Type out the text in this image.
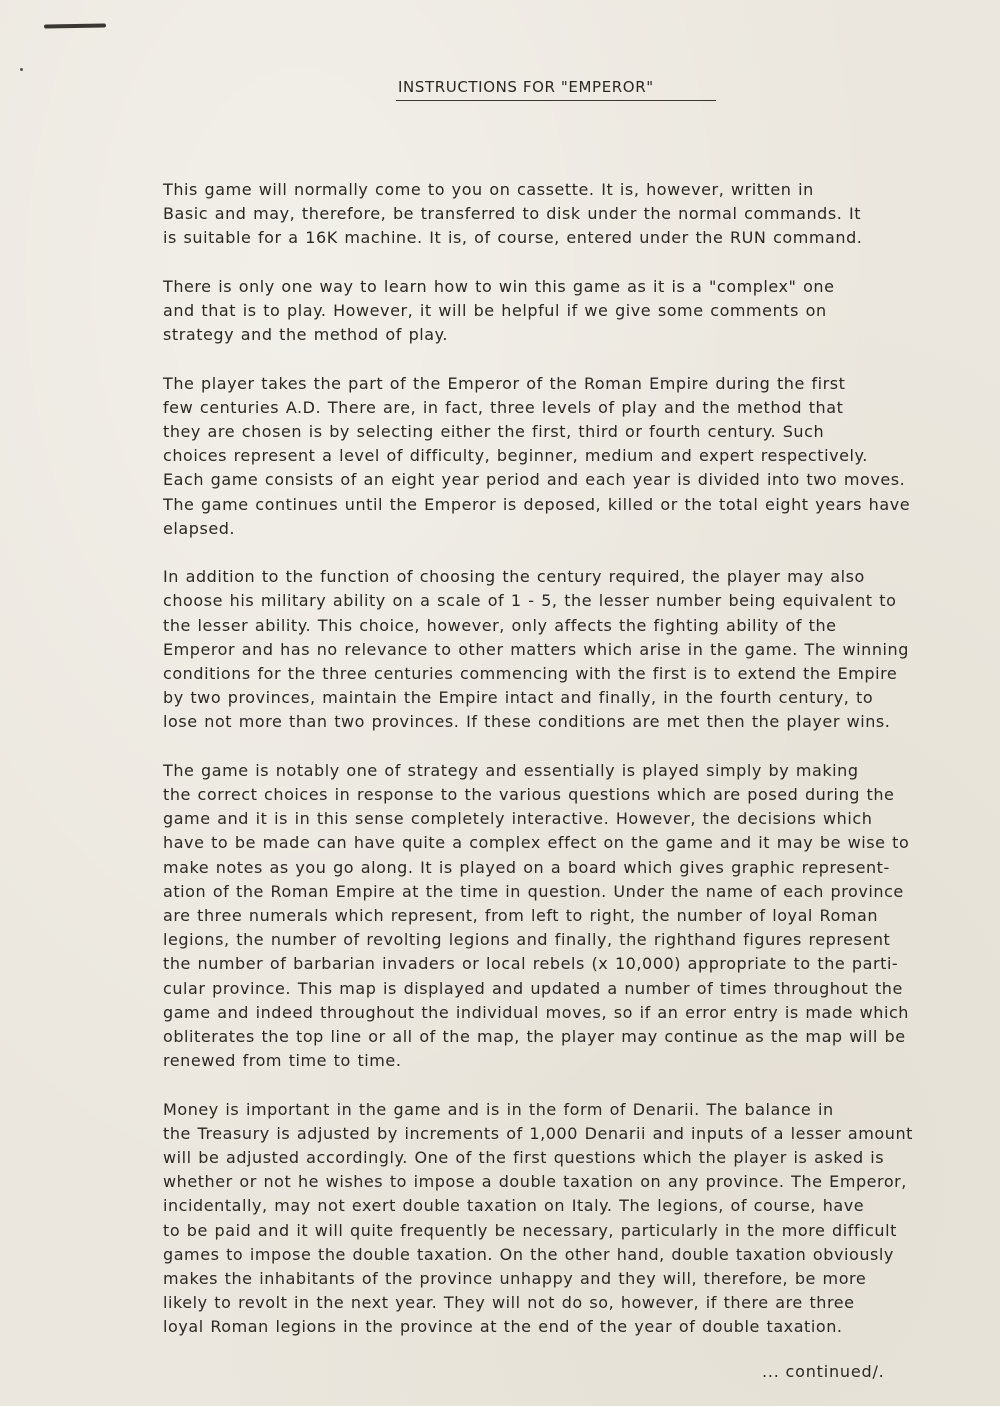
INSTRUCTIONS FOR "EMPEROR"

This game will normally come to you on cassette. It is, however, written in
Basic and may, therefore, be transferred to disk under the normal commands. It
is suitable for a 16K machine. It is, of course, entered under the RUN command.

There is only one way to learn how to win this game as it is a "complex" one
and that is to play. However, it will be helpful if we give some comments on
strategy and the method of play.

The player takes the part of the Emperor of the Roman Empire during the first
few centuries A.D. There are, in fact, three levels of play and the method that
they are chosen is by selecting either the first, third or fourth century. Such
choices represent a level of difficulty, beginner, medium and expert respectively.
Each game consists of an eight year period and each year is divided into two moves.
The game continues until the Emperor is deposed, killed or the total eight years have
elapsed.

In addition to the function of choosing the century required, the player may also
choose his military ability on a scale of 1 - 5, the lesser number being equivalent to
the lesser ability. This choice, however, only affects the fighting ability of the
Emperor and has no relevance to other matters which arise in the game. The winning
conditions for the three centuries commencing with the first is to extend the Empire
by two provinces, maintain the Empire intact and finally, in the fourth century, to
lose not more than two provinces. If these conditions are met then the player wins.

The game is notably one of strategy and essentially is played simply by making
the correct choices in response to the various questions which are posed during the
game and it is in this sense completely interactive. However, the decisions which
have to be made can have quite a complex effect on the game and it may be wise to
make notes as you go along. It is played on a board which gives graphic represent-
ation of the Roman Empire at the time in question. Under the name of each province
are three numerals which represent, from left to right, the number of loyal Roman
legions, the number of revolting legions and finally, the righthand figures represent
the number of barbarian invaders or local rebels (x 10,000) appropriate to the parti-
cular province. This map is displayed and updated a number of times throughout the
game and indeed throughout the individual moves, so if an error entry is made which
obliterates the top line or all of the map, the player may continue as the map will be
renewed from time to time.

Money is important in the game and is in the form of Denarii. The balance in
the Treasury is adjusted by increments of 1,000 Denarii and inputs of a lesser amount
will be adjusted accordingly. One of the first questions which the player is asked is
whether or not he wishes to impose a double taxation on any province. The Emperor,
incidentally, may not exert double taxation on Italy. The legions, of course, have
to be paid and it will quite frequently be necessary, particularly in the more difficult
games to impose the double taxation. On the other hand, double taxation obviously
makes the inhabitants of the province unhappy and they will, therefore, be more
likely to revolt in the next year. They will not do so, however, if there are three
loyal Roman legions in the province at the end of the year of double taxation.

... continued/.
